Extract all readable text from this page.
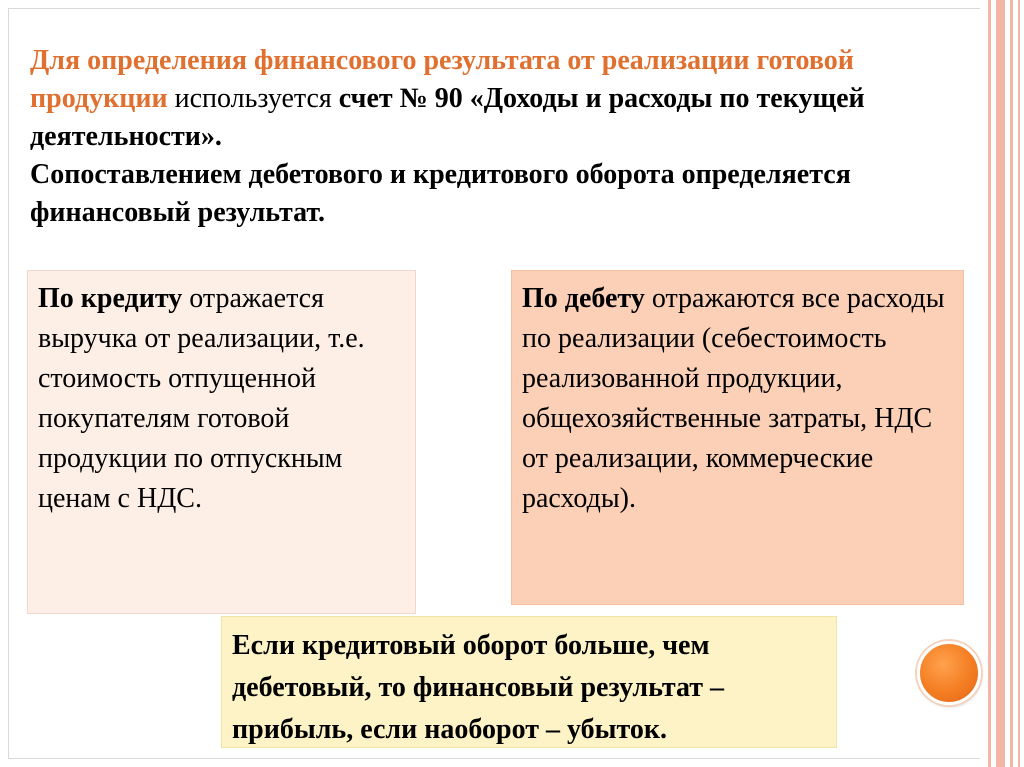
Для определения финансового результата от реализации готовой продукции используется счет № 90 «Доходы и расходы по текущей деятельности».
Сопоставлением дебетового и кредитового оборота определяется финансовый результат.
По кредиту отражается выручка от реализации, т.е. стоимость отпущенной покупателям готовой продукции по отпускным ценам с НДС.
По дебету отражаются все расходы по реализации (себестоимость реализованной продукции, общехозяйственные затраты, НДС от реализации, коммерческие расходы).
Если кредитовый оборот больше, чем дебетовый, то финансовый результат – прибыль, если наоборот – убыток.
